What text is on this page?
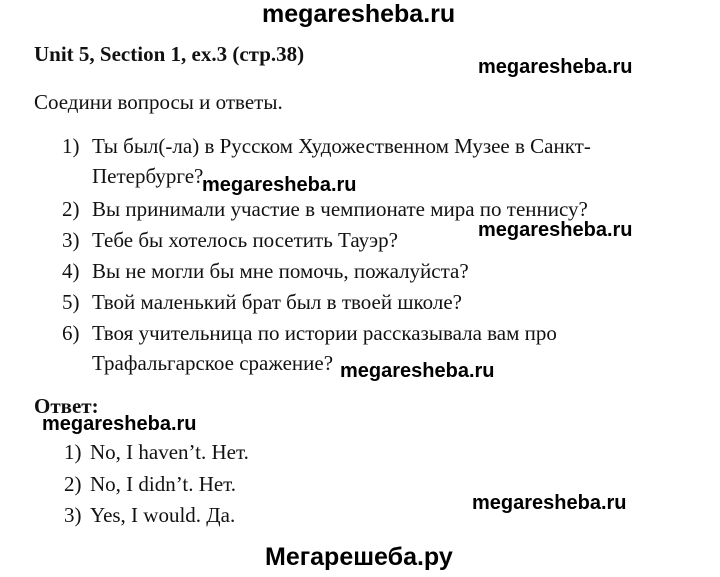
megaresheba.ru
Unit 5, Section 1, ex.3 (стр.38)
megaresheba.ru
Соедини вопросы и ответы.
1) Ты был(-ла) в Русском Художественном Музее в Санкт-
Петербурге?
megaresheba.ru
2) Вы принимали участие в чемпионате мира по теннису?
3) Тебе бы хотелось посетить Тауэр?	megaresheba.ru
4) Вы не могли бы мне помочь, пожалуйста?
5) Твой маленький брат был в твоей школе?
6) Твоя учительница по истории рассказывала вам про
Трафальгарское сражение? megaresheba.ru
Ответ:
megaresheba.ru
1) No, I haven’t. Нет.
2) No, I didn’t. Нет.
megaresheba.ru
3) Yes, I would. Да.
Мегарешеба.ру
